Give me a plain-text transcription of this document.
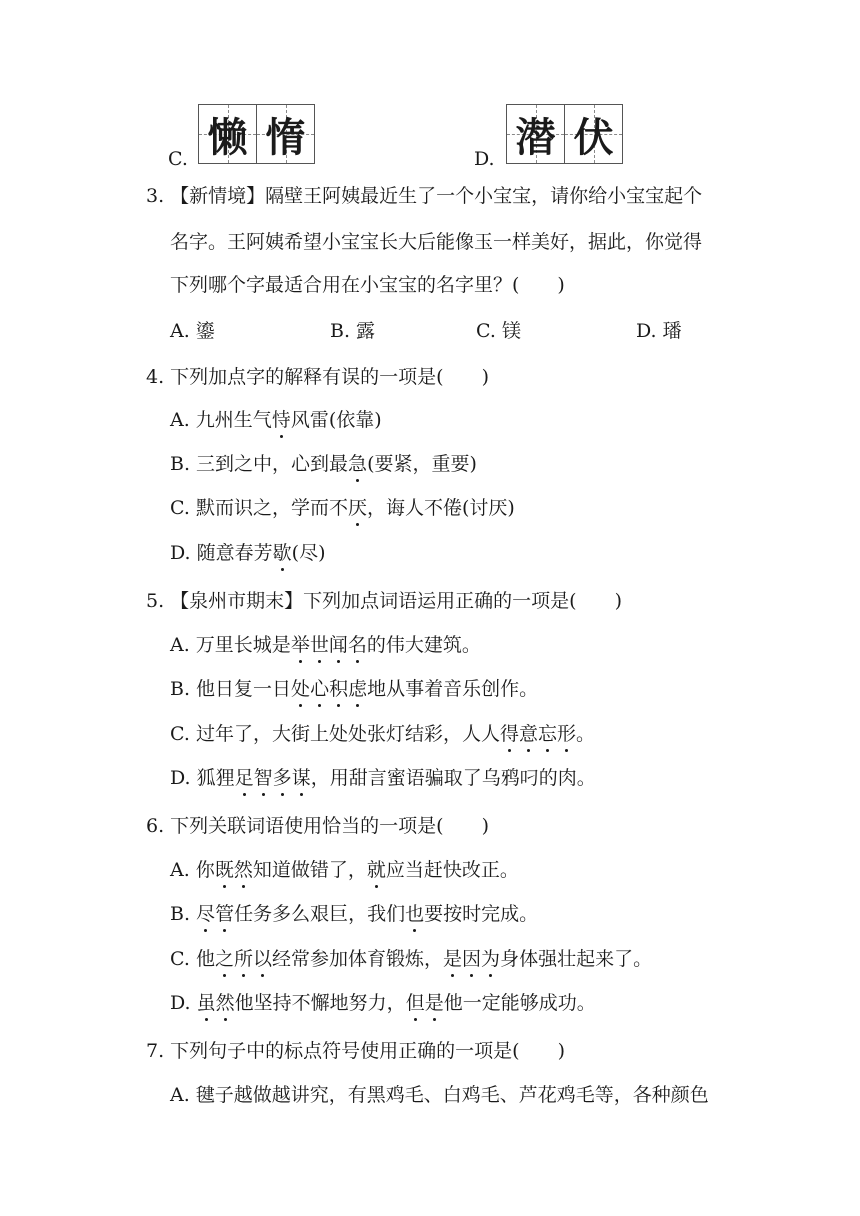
C. 懒 惰	D. 潜 伏
3. 【新情境】隔壁王阿姨最近生了一个小宝宝，请你给小宝宝起个
名字。王阿姨希望小宝宝长大后能像玉一样美好，据此，你觉得
下列哪个字最适合用在小宝宝的名字里？(　　)
A. 鎏	B. 露	C. 镁	D. 璠
4. 下列加点字的解释有误的一项是(　　)
A. 九州生气恃风雷(依靠)
B. 三到之中，心到最急(要紧，重要)
C. 默而识之，学而不厌，诲人不倦(讨厌)
D. 随意春芳歇(尽)
5. 【泉州市期末】下列加点词语运用正确的一项是(　　)
A. 万里长城是举世闻名的伟大建筑。
B. 他日复一日处心积虑地从事着音乐创作。
C. 过年了，大街上处处张灯结彩，人人得意忘形。
D. 狐狸足智多谋，用甜言蜜语骗取了乌鸦叼的肉。
6. 下列关联词语使用恰当的一项是(　　)
A. 你既然知道做错了，就应当赶快改正。
B. 尽管任务多么艰巨，我们也要按时完成。
C. 他之所以经常参加体育锻炼，是因为身体强壮起来了。
D. 虽然他坚持不懈地努力，但是他一定能够成功。
7. 下列句子中的标点符号使用正确的一项是(　　)
A. 毽子越做越讲究，有黑鸡毛、白鸡毛、芦花鸡毛等，各种颜色
